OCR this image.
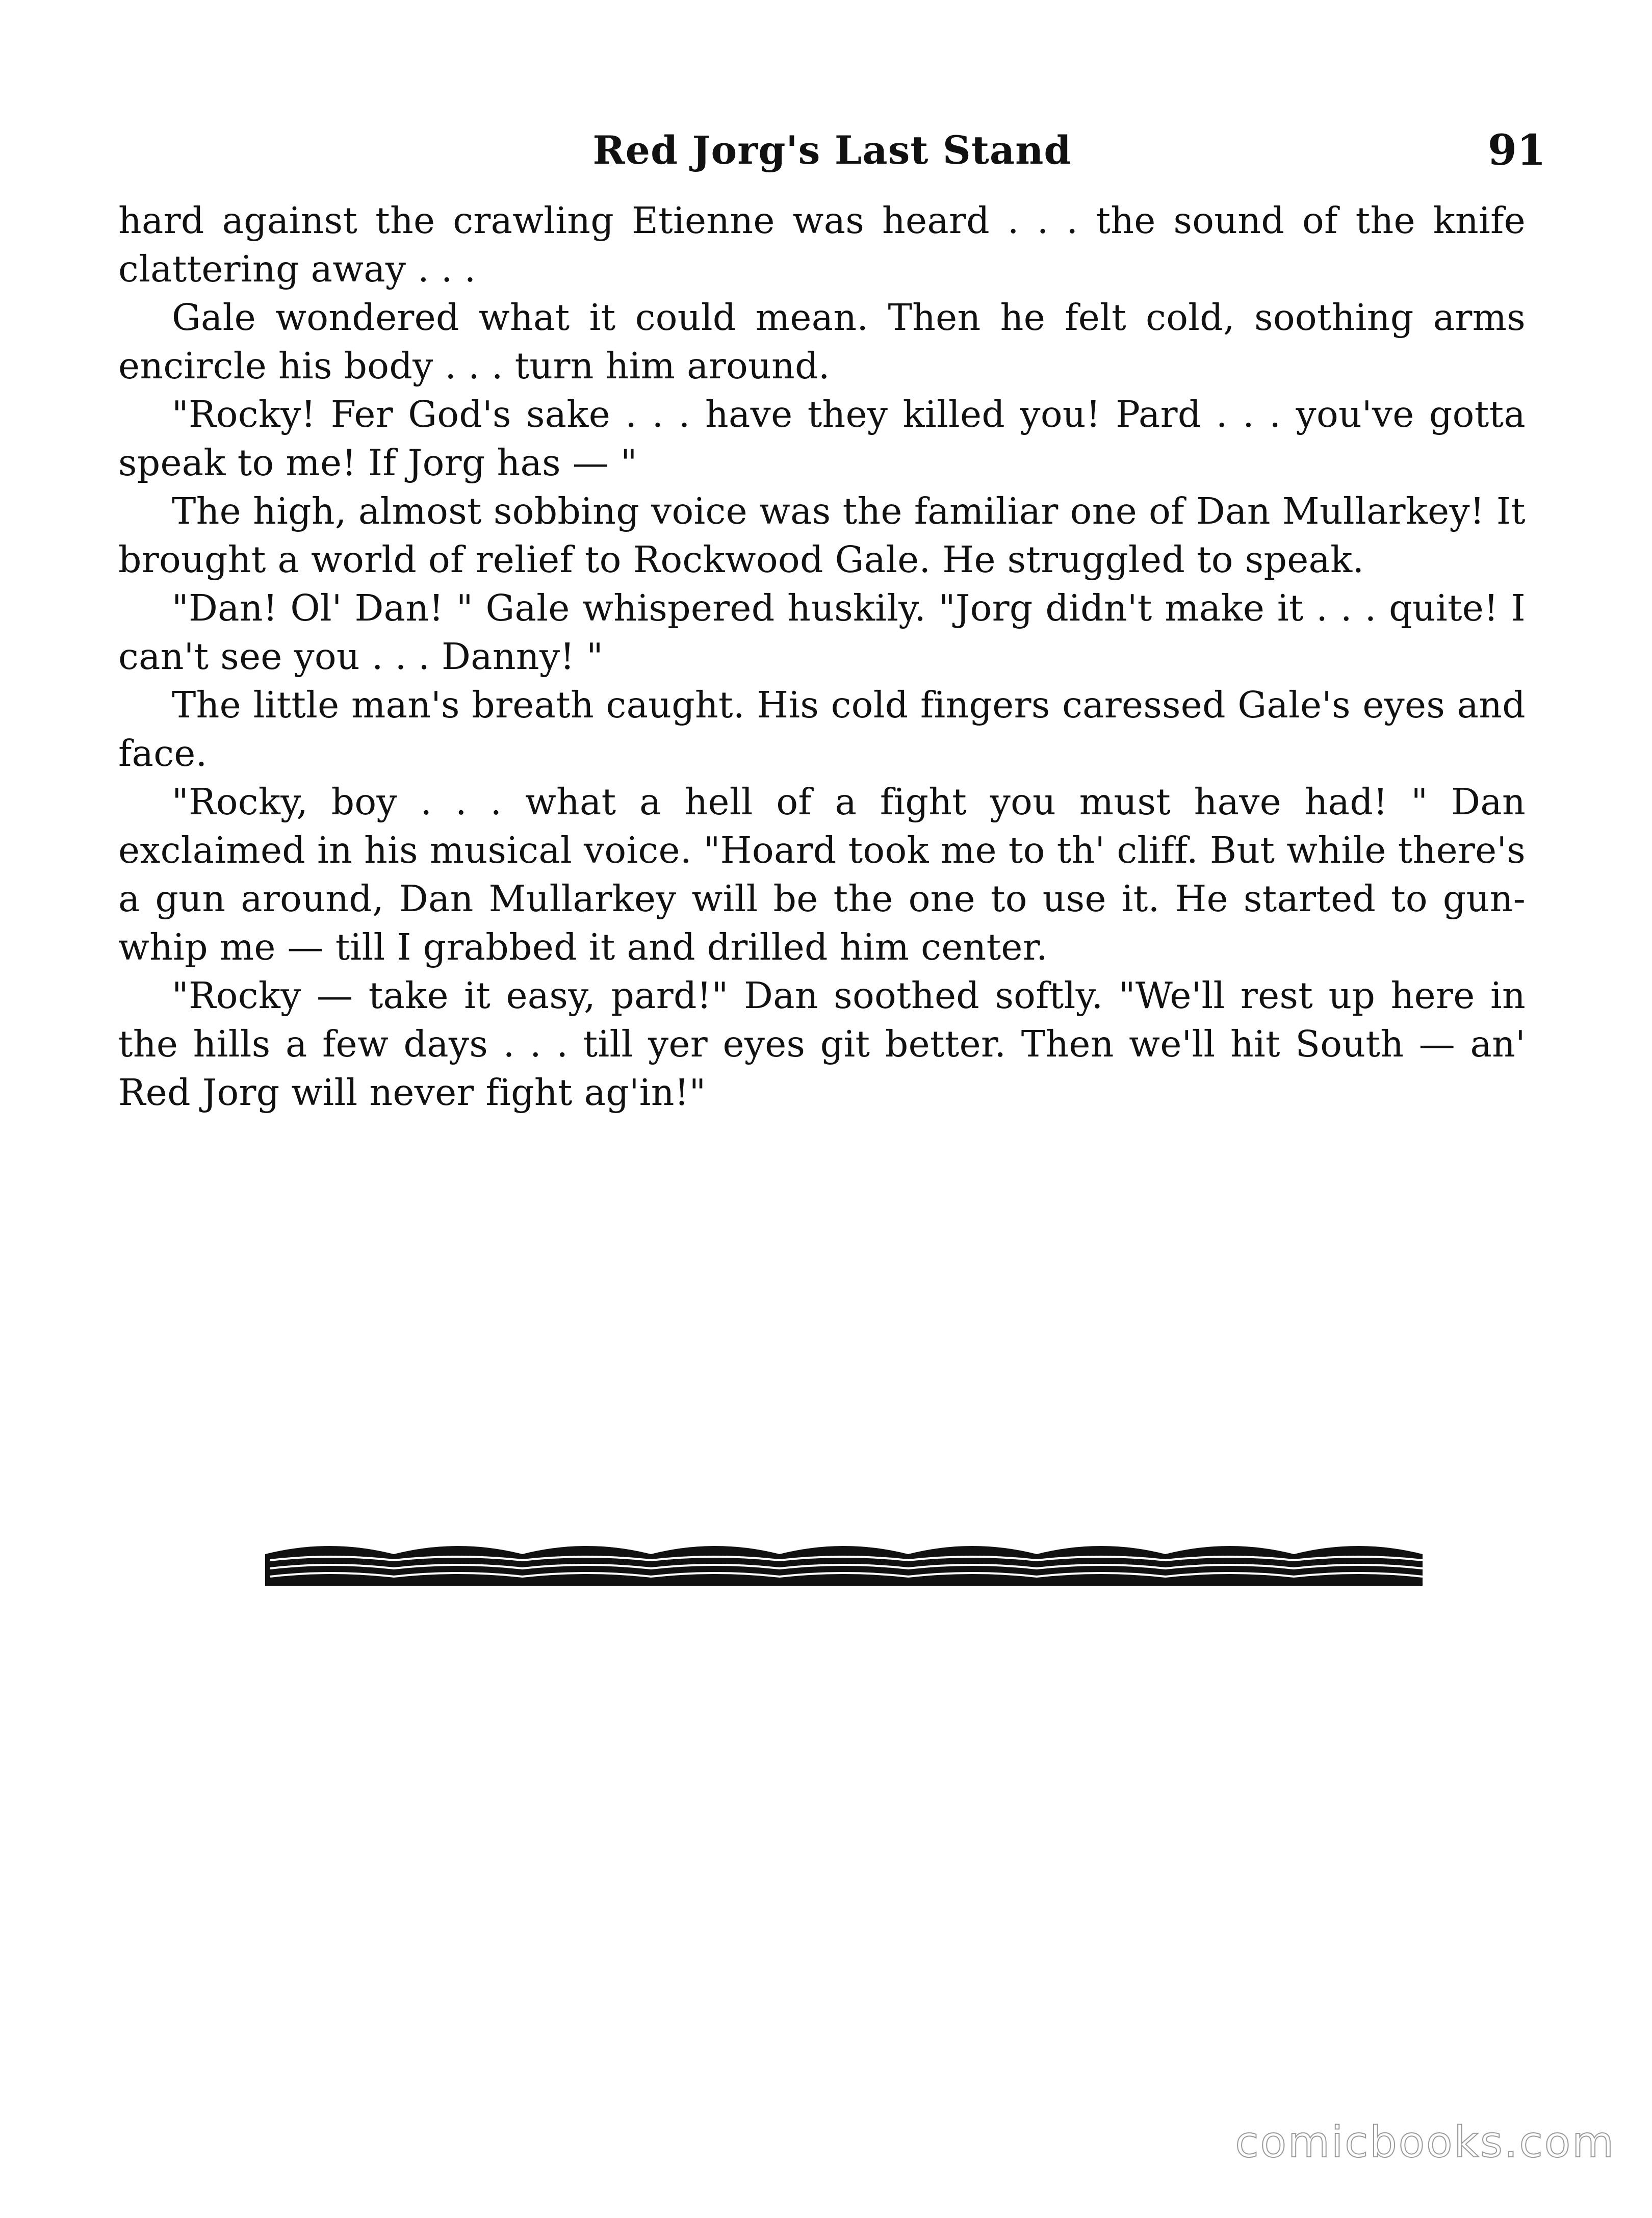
Red Jorg's Last Stand	91

hard against the crawling Etienne was heard . . . the sound of the knife clattering away . . .

Gale wondered what it could mean. Then he felt cold, soothing arms encircle his body . . . turn him around.

"Rocky! Fer God's sake . . . have they killed you! Pard . . . you've gotta speak to me! If Jorg has — "

The high, almost sobbing voice was the familiar one of Dan Mullarkey! It brought a world of relief to Rockwood Gale. He struggled to speak.

"Dan! Ol' Dan! " Gale whispered huskily. "Jorg didn't make it . . . quite! I can't see you . . . Danny! "

The little man's breath caught. His cold fingers caressed Gale's eyes and face.

"Rocky, boy . . . what a hell of a fight you must have had! " Dan exclaimed in his musical voice. "Hoard took me to th' cliff. But while there's a gun around, Dan Mullarkey will be the one to use it. He started to gun-whip me — till I grabbed it and drilled him center.

"Rocky — take it easy, pard!" Dan soothed softly. "We'll rest up here in the hills a few days . . . till yer eyes git better. Then we'll hit South — an' Red Jorg will never fight ag'in!"

comicbooks.com
